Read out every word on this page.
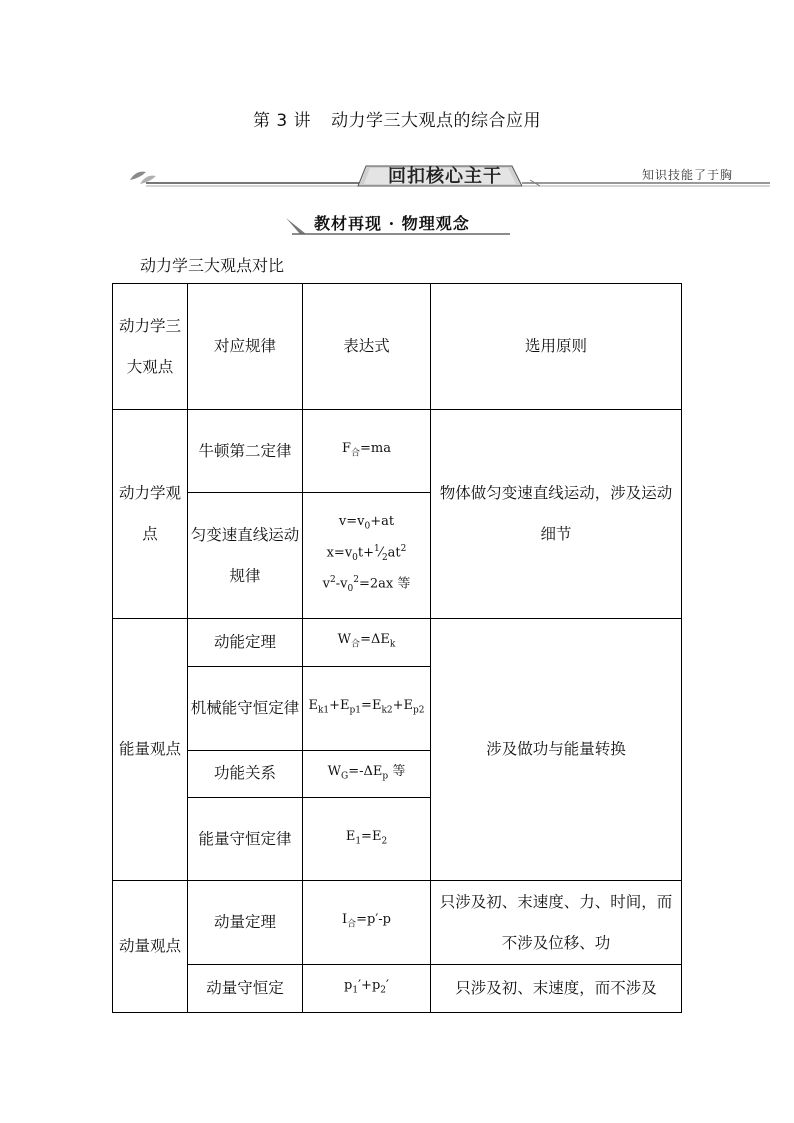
第 3 讲 动力学三大观点的综合应用
回扣核心主干	知识技能了于胸
教材再现 · 物理观念
动力学三大观点对比
动力学三大观点	对应规律	表达式	选用原则
动力学观点	牛顿第二定律	$F_合=ma$	物体做匀变速直线运动，涉及运动细节
	匀变速直线运动规律	$v=v_0+at$
$x=v_0t+^1⁄_2at^2$
$v^2-v_0^2=2ax$ 等	
能量观点	动能定理	$W_合=\Delta E_k$	涉及做功与能量转换
	机械能守恒定律	$E_{k1}+E_{p1}=E_{k2}+E_{p2}$
	功能关系	$W_G=-\Delta E_p$ 等	
	能量守恒定律	$E_1=E_2$
动量观点	动量定理	$I_合=p'-p$	只涉及初、末速度、力、时间，而不涉及位移、功
	动量守恒定	$p_1'+p_2'$	只涉及初、末速度，而不涉及
